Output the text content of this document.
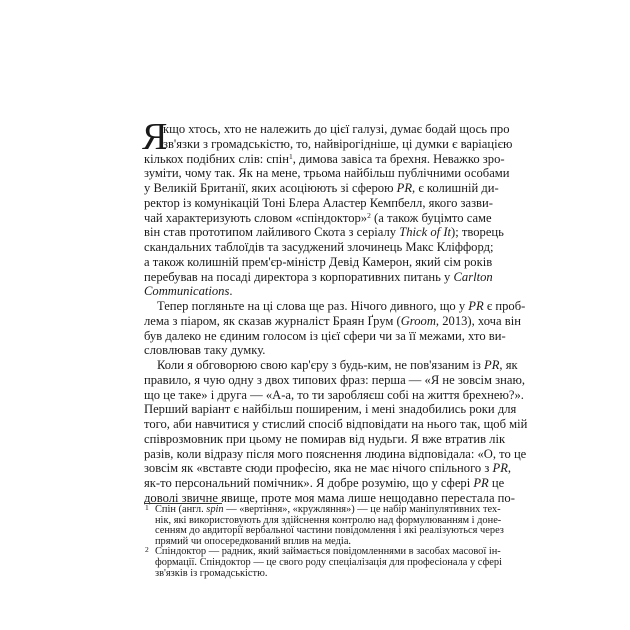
Я
кщо хтось, хто не належить до цієї галузі, думає бодай щось про
зв'язки з громадськістю, то, найвірогідніше, ці думки є варіацією
кількох подібних слів: спін$^1$, димова завіса та брехня. Неважко зро-
зуміти, чому так. Як на мене, трьома найбільш публічними особами
у Великій Британії, яких асоціюють зі сферою PR, є колишній ди-
ректор із комунікацій Тоні Блера Аластер Кемпбелл, якого зазви-
чай характеризують словом «спіндоктор»$^2$ (а також буцімто саме
він став прототипом лайливого Скота з серіалу Thick of It); творець
скандальних таблоїдів та засуджений злочинець Макс Кліффорд;
а також колишній прем'єр-міністр Девід Камерон, який сім років
перебував на посаді директора з корпоративних питань у Carlton
Communications.
Тепер погляньте на ці слова ще раз. Нічого дивного, що у PR є проб-
лема з піаром, як сказав журналіст Браян Ґрум (Groom, 2013), хоча він
був далеко не єдиним голосом із цієї сфери чи за її межами, хто ви-
словлював таку думку.
Коли я обговорюю свою кар'єру з будь-ким, не пов'язаним із PR, як
правило, я чую одну з двох типових фраз: перша — «Я не зовсім знаю,
що це таке» і друга — «А-а, то ти заробляєш собі на життя брехнею?».
Перший варіант є найбільш поширеним, і мені знадобились роки для
того, аби навчитися у стислий спосіб відповідати на нього так, щоб мій
співрозмовник при цьому не помирав від нудьги. Я вже втратив лік
разів, коли відразу після мого пояснення людина відповідала: «О, то це
зовсім як «вставте сюди професію, яка не має нічого спільного з PR,
як-то персональний помічник». Я добре розумію, що у сфері PR це
доволі звичне явище, проте моя мама лише нещодавно перестала по-
1 Спін (англ. spin — «вертіння», «кружляння») — це набір маніпулятивних тех-
нік, які використовують для здійснення контролю над формулюванням і доне-
сенням до авдиторії вербальної частини повідомлення і які реалізуються через
прямий чи опосередкований вплив на медіа.
2 Спіндоктор — радник, який займається повідомленнями в засобах масової ін-
формації. Спіндоктор — це свого роду спеціалізація для професіонала у сфері
зв'язків із громадськістю.
